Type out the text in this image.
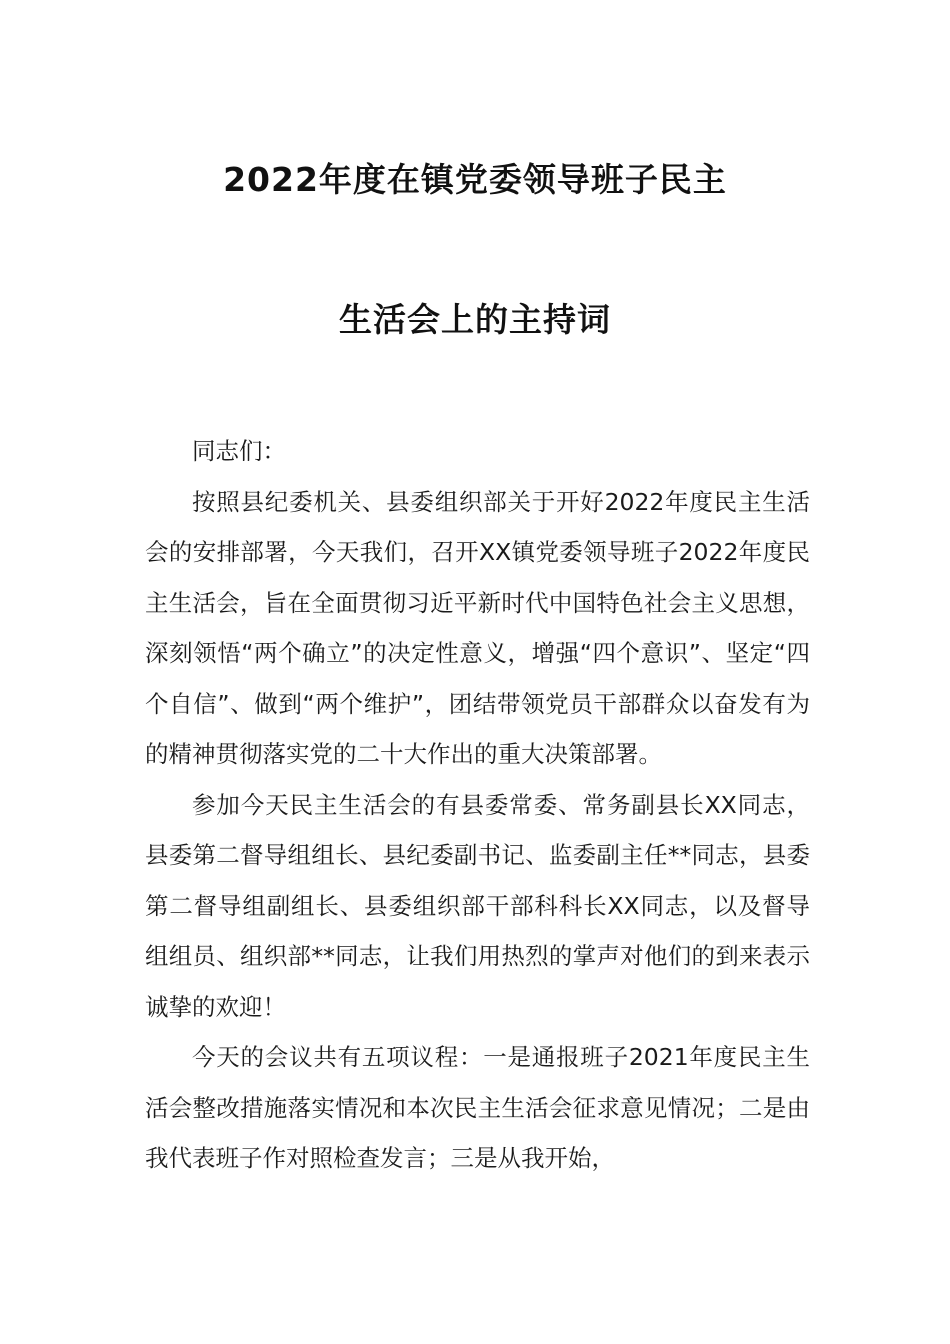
2022年度在镇党委领导班子民主
生活会上的主持词

同志们：

按照县纪委机关、县委组织部关于开好2022年度民主生活会的安排部署，今天我们，召开XX镇党委领导班子2022年度民主生活会，旨在全面贯彻习近平新时代中国特色社会主义思想，深刻领悟“两个确立”的决定性意义，增强“四个意识”、坚定“四个自信”、做到“两个维护”，团结带领党员干部群众以奋发有为的精神贯彻落实党的二十大作出的重大决策部署。

参加今天民主生活会的有县委常委、常务副县长XX同志，县委第二督导组组长、县纪委副书记、监委副主任**同志，县委第二督导组副组长、县委组织部干部科科长XX同志，以及督导组组员、组织部**同志，让我们用热烈的掌声对他们的到来表示诚挚的欢迎！

今天的会议共有五项议程：一是通报班子2021年度民主生活会整改措施落实情况和本次民主生活会征求意见情况；二是由我代表班子作对照检查发言；三是从我开始，
